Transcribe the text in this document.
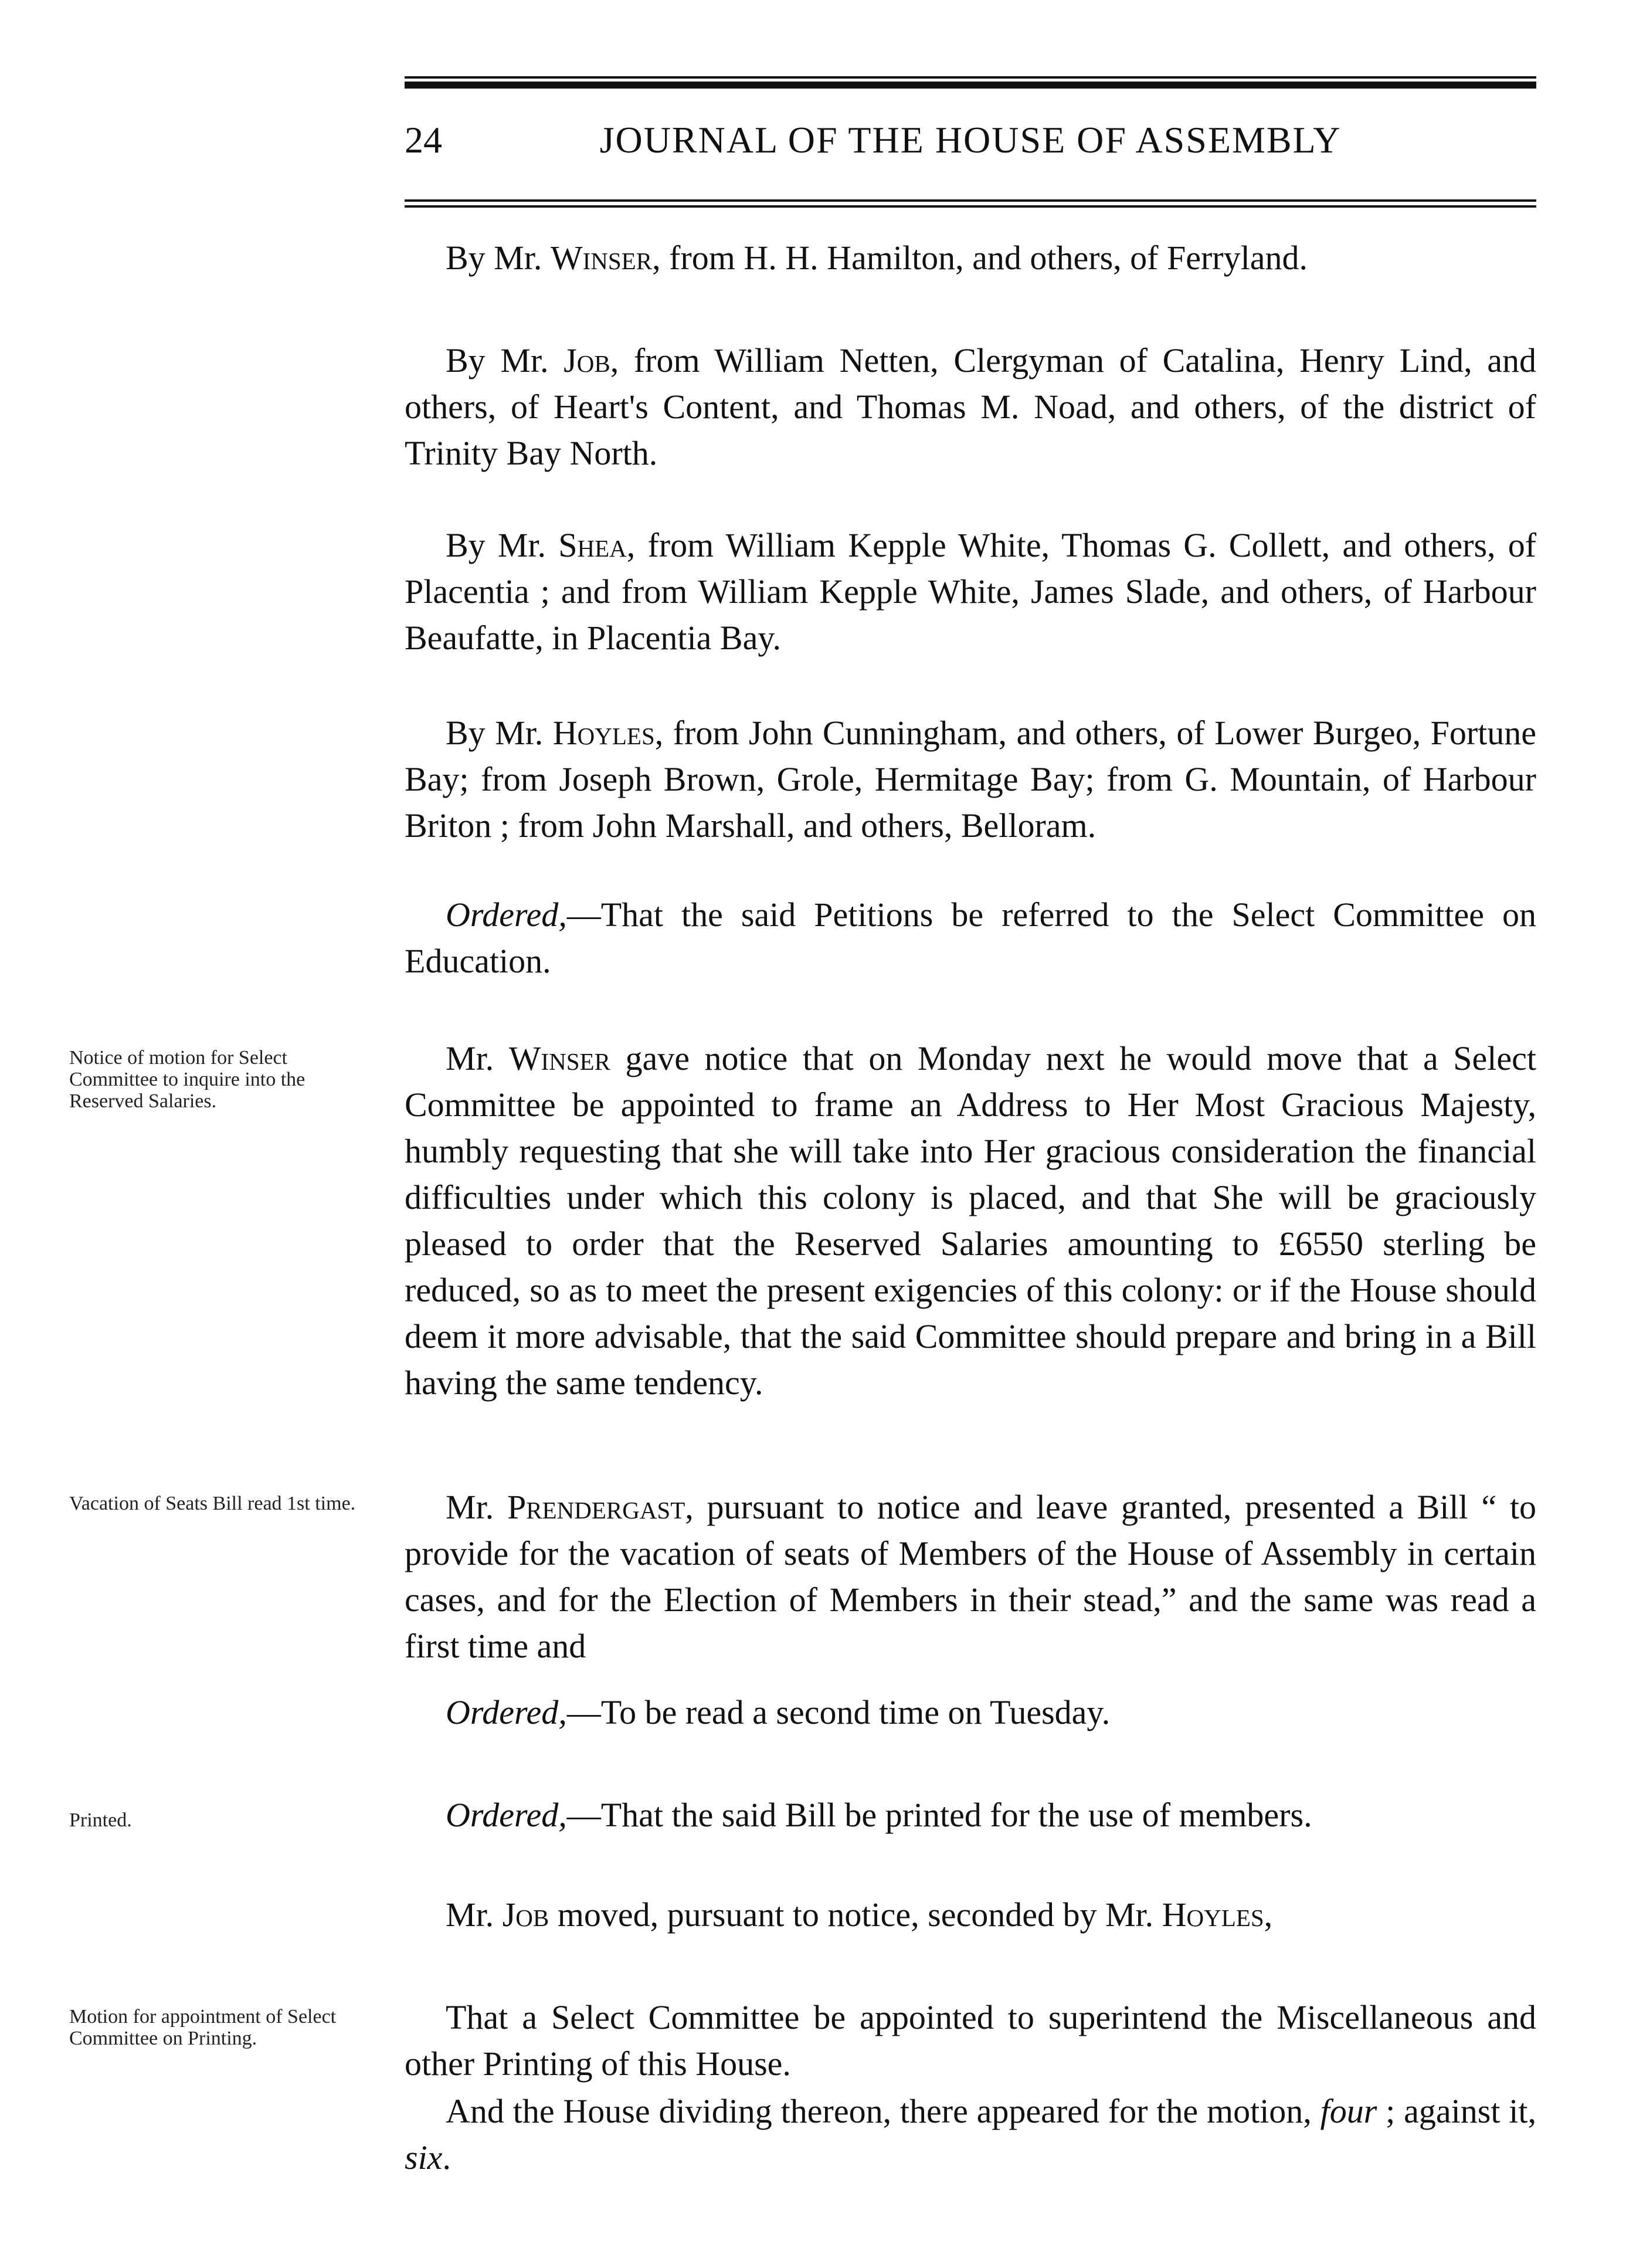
24	JOURNAL OF THE HOUSE OF ASSEMBLY

By Mr. Winser, from H. H. Hamilton, and others, of Ferryland.

By Mr. Job, from William Netten, Clergyman of Catalina, Henry Lind, and others, of Heart's Content, and Thomas M. Noad, and others, of the district of Trinity Bay North.

By Mr. Shea, from William Kepple White, Thomas G. Collett, and others, of Placentia ; and from William Kepple White, James Slade, and others, of Harbour Beaufatte, in Placentia Bay.

By Mr. Hoyles, from John Cunningham, and others, of Lower Burgeo, Fortune Bay; from Joseph Brown, Grole, Hermitage Bay; from G. Mountain, of Harbour Briton ; from John Marshall, and others, Belloram.

Ordered,—That the said Petitions be referred to the Select Committee on Education.

Notice of motion for Select Committee to inquire into the Reserved Salaries.

Mr. Winser gave notice that on Monday next he would move that a Select Committee be appointed to frame an Address to Her Most Gracious Majesty, humbly requesting that she will take into Her gracious consideration the financial difficulties under which this colony is placed, and that She will be graciously pleased to order that the Reserved Salaries amounting to £6550 sterling be reduced, so as to meet the present exigencies of this colony: or if the House should deem it more advisable, that the said Committee should prepare and bring in a Bill having the same tendency.

Vacation of Seats Bill read 1st time.	Mr. Prendergast, pursuant to notice and leave granted, presented a Bill “ to provide for the vacation of seats of Members of the House of Assembly in certain cases, and for the Election of Members in their stead,” and the same was read a first time and

Ordered,—To be read a second time on Tuesday.

Printed.	Ordered,—That the said Bill be printed for the use of members.

Mr. Job moved, pursuant to notice, seconded by Mr. Hoyles,

Motion for appointment of Select Committee on Printing.

That a Select Committee be appointed to superintend the Miscellaneous and other Printing of this House.

And the House dividing thereon, there appeared for the motion, four ; against it, six.
